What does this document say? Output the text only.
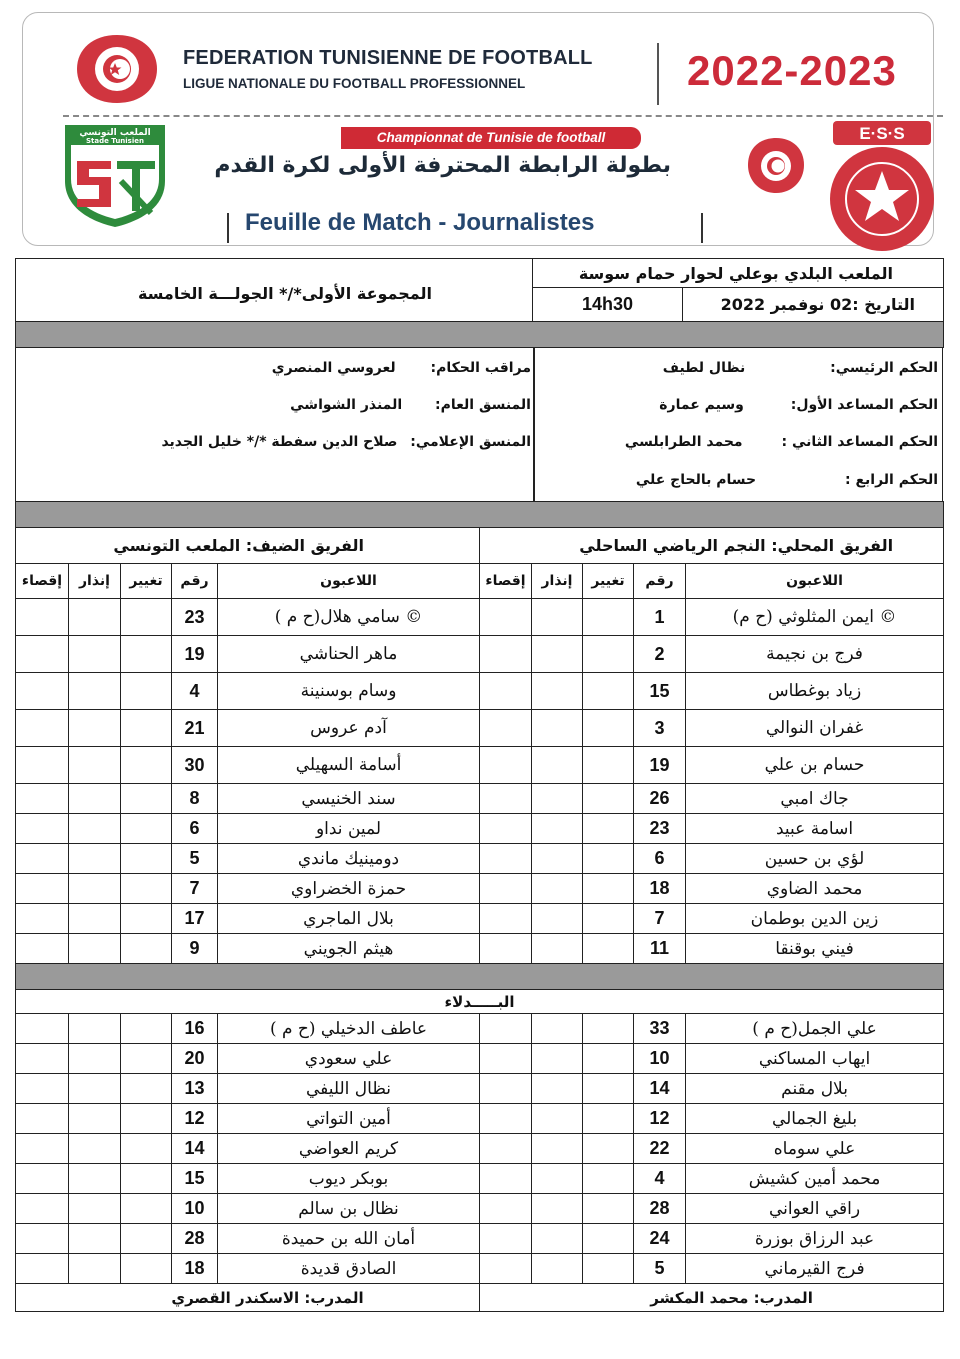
FEDERATION TUNISIENNE DE FOOTBALL
LIGUE NATIONALE DU FOOTBALL PROFESSIONNEL	2022-2023
الملعب التونسي
Stade Tunisien	Championnat de Tunisie de football
بطولة الرابطة المحترفة الأولى لكرة القدم
Feuille de Match - Journalistes
E·S·S
المجموعة الأولى*/* الجولـــة الخامسة	الملعب البلدي بوعلي لحوار حمام سوسة	
	14h30	التاريخ :02 نوفمبر 2022

مراقب الحكام: لعروسي المنصري
المنسق العام: المنذر الشواشي
المنسق الإعلامي: صلاح الدين سفطة */* خليل الجديد
الحكم الرئيسي: نظال لطيف
الحكم المساعد الأول: وسيم عمارة
الحكم المساعد الثاني : محمد الطرابلسي
الحكم الرابع : حسام بالحاج علي

الفريق الضيف: الملعب التونسي					الفريق المحلي: النجم الرياضي الساحلي				
إقصاء	إنذار	تغيير	رقم	اللاعبون	إقصاء	إنذار	تغيير	رقم	اللاعبون
			23	سامي هلال(ح م ) ©				1	ايمن المثلوثي (ح م) ©
			19	ماهر الحناشي				2	فرج بن نجيمة
			4	وسام بوسنينة				15	زياد بوغطاس
			21	آدم عروس				3	غفران النوالي
			30	أسامة السهيلي				19	حسام بن علي
			8	سند الخنيسي				26	جاك امبي
			6	لمين نداو				23	اسامة عبيد
			5	دومينيك ماندي				6	لؤي بن حسين
			7	حمزة الخضراوي				18	محمد الضاوي
			17	بلال الماجري				7	زين الدين بوطمان
			9	هيثم الجويني				11	فيني بوقنقا

البـــــدلاء									
			16	عاطف الدخيلي (ح م )				33	علي الجمل(ح م )
			20	علي سعودي				10	ايهاب المساكني
			13	نظال الليفي				14	بلال مقنم
			12	أمين التواتي				12	بليغ الجمالي
			14	كريم العواضي				22	علي سوماه
			15	بوبكر ديوب				4	محمد أمين كشيش
			10	نظال بن سالم				28	راقي العواني
			28	أمان الله بن حميدة				24	عبد الرزاق بوزرة
			18	الصادق قديدة				5	فرج القيرماني
المدرب: الاسكندر القصري					المدرب: محمد المكشر				
